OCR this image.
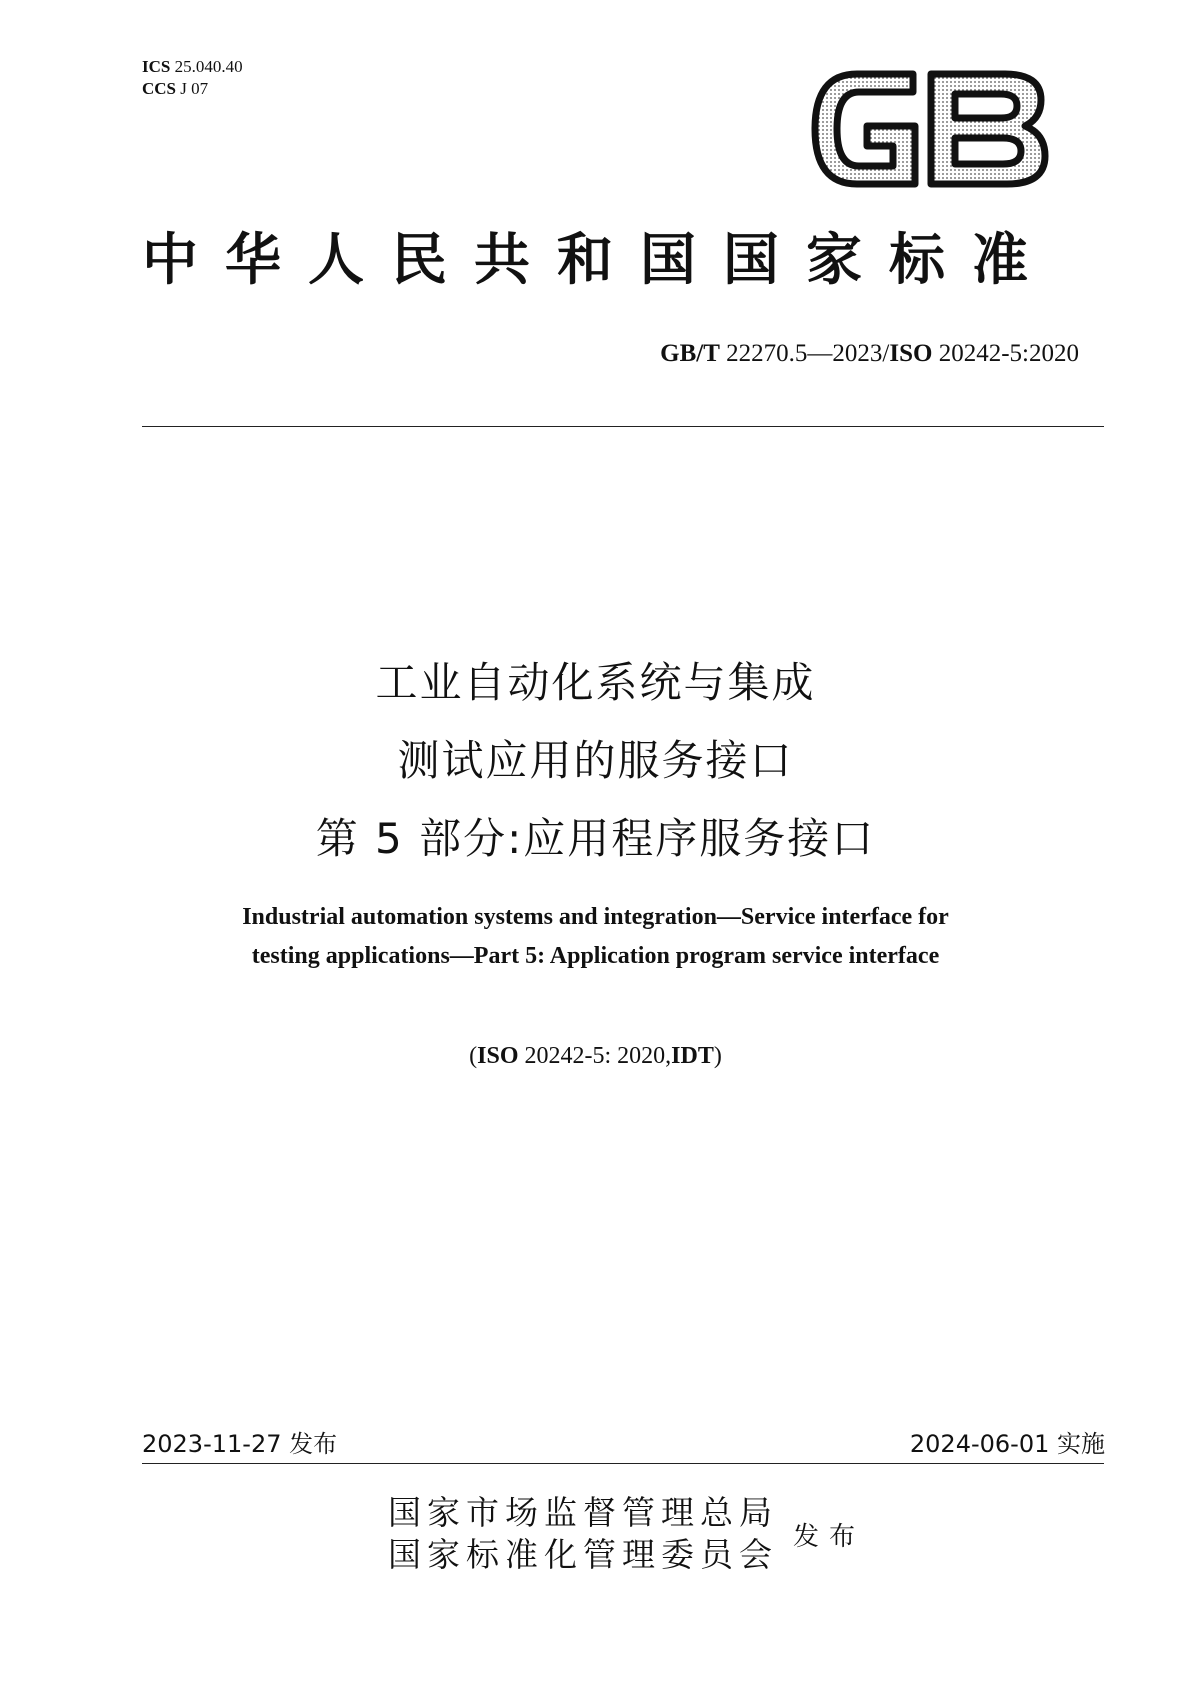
ICS 25.040.40
CCS J 07
中华人民共和国国家标准
GB/T 22270.5—2023/ISO 20242-5:2020
工业自动化系统与集成
测试应用的服务接口
第 5 部分:应用程序服务接口
Industrial automation systems and integration—Service interface for
testing applications—Part 5: Application program service interface
(ISO 20242-5: 2020,IDT)
2023-11-27 发布	2024-06-01 实施
国家市场监督管理总局
国家标准化管理委员会 发布
